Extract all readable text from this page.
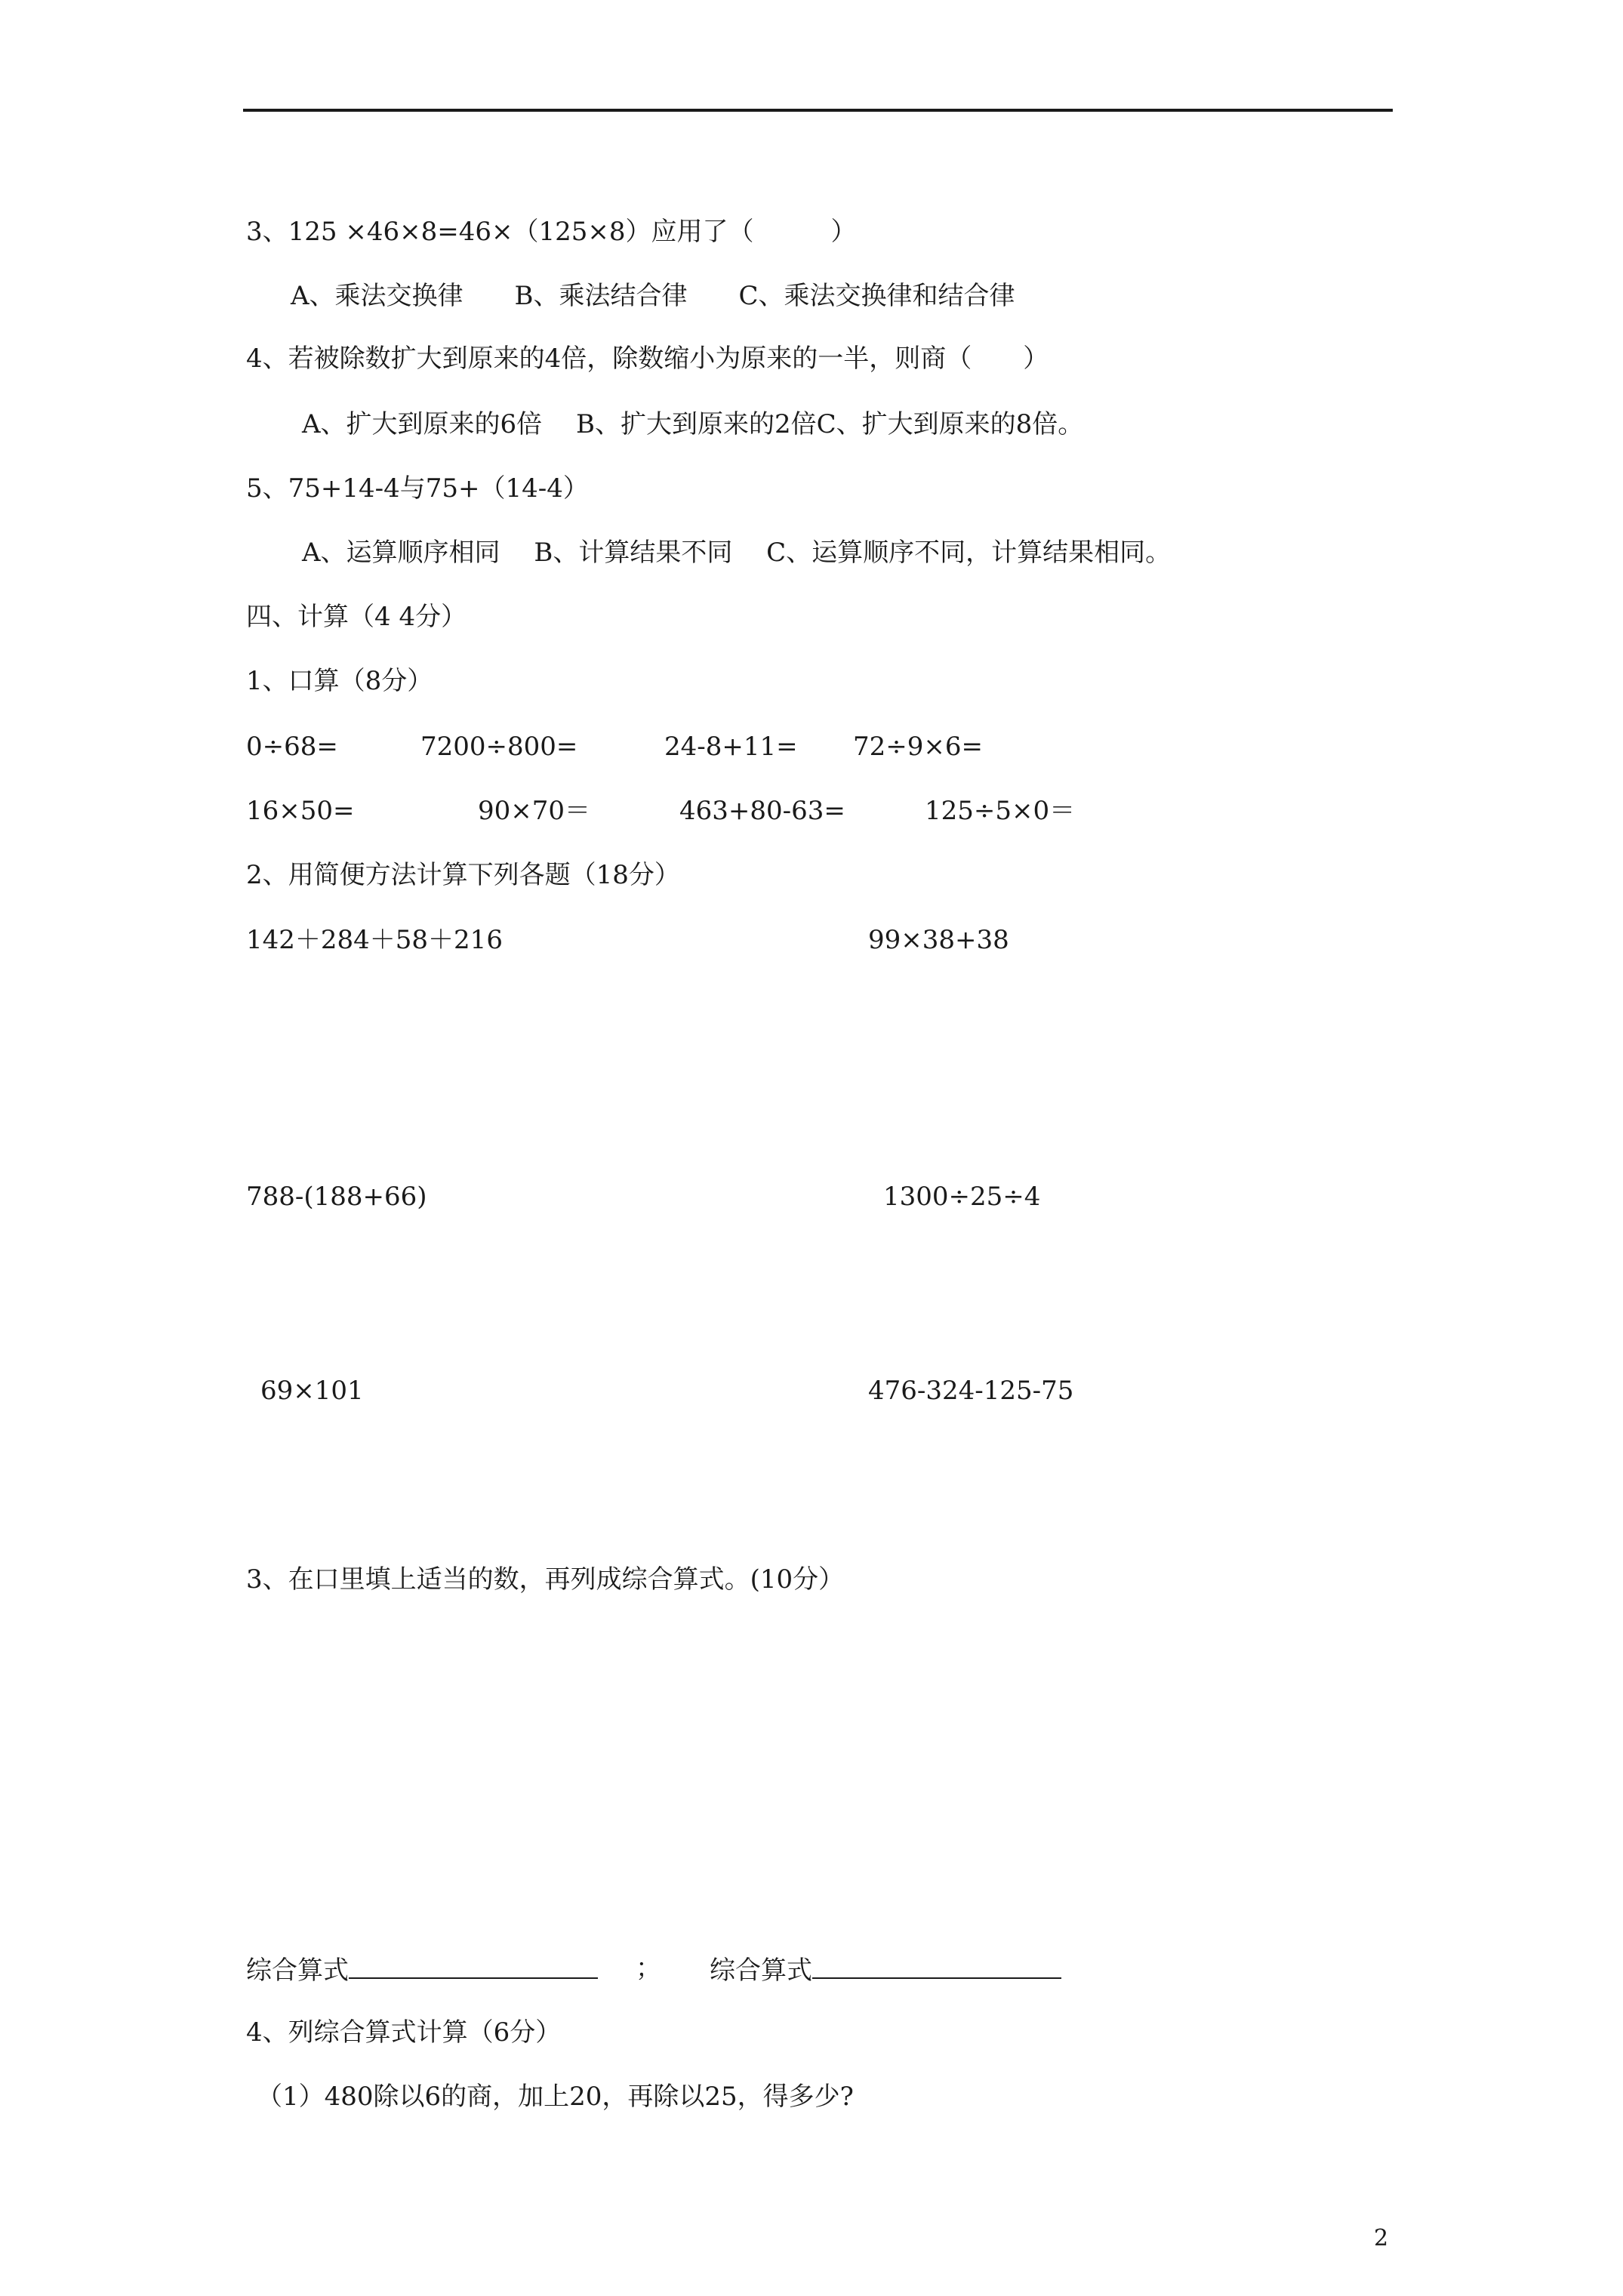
3、125 ×46×8=46×（125×8）应用了（　　　）
A、乘法交换律　　B、乘法结合律　　C、乘法交换律和结合律
4、若被除数扩大到原来的4倍，除数缩小为原来的一半，则商（　　）
A、扩大到原来的6倍　 B、扩大到原来的2倍C、扩大到原来的8倍。
5、75+14-4与75+（14-4）
A、运算顺序相同　 B、计算结果不同　 C、运算顺序不同，计算结果相同。
四、计算（4 4分）
1、口算（8分）
0÷68=	7200÷800=	24-8+11= 72÷9×6=
16×50=	90×70＝	463+80-63=	125÷5×0＝
2、用简便方法计算下列各题（18分）
142＋284＋58＋216	99×38+38
788-(188+66)	1300÷25÷4
69×101	476-324-125-75
3、在口里填上适当的数，再列成综合算式。(10分）
综合算式	； 综合算式
4、列综合算式计算（6分）
（1）480除以6的商，加上20，再除以25，得多少?
2
